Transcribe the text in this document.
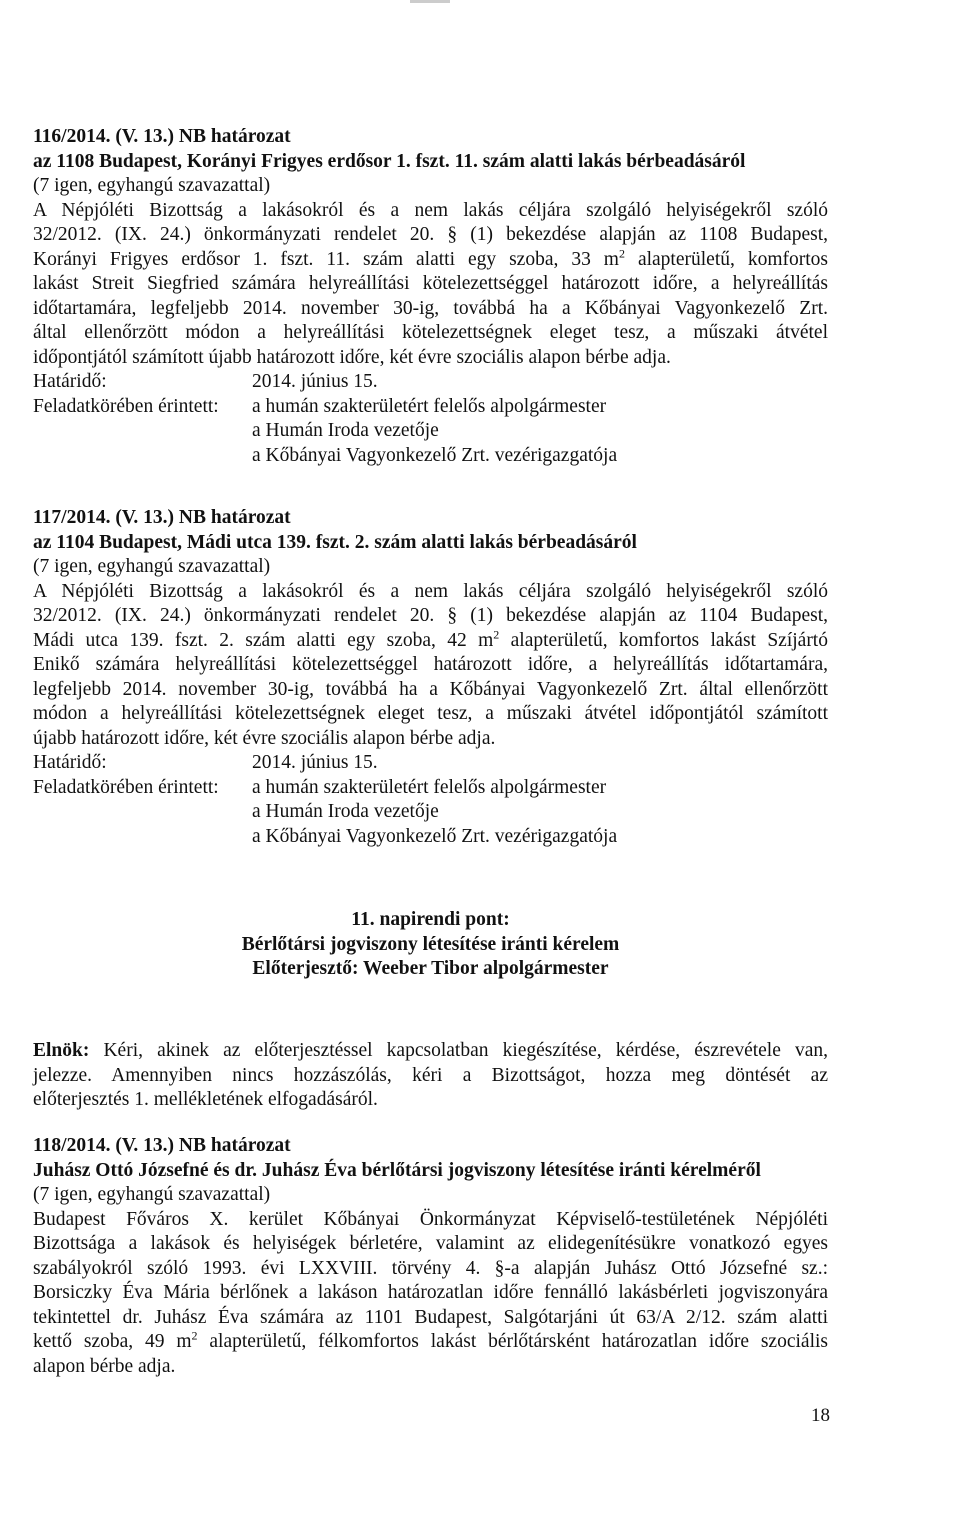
116/2014. (V. 13.) NB határozat
az 1108 Budapest, Korányi Frigyes erdősor 1. fszt. 11. szám alatti lakás bérbeadásáról
(7 igen, egyhangú szavazattal)
A Népjóléti Bizottság a lakásokról és a nem lakás céljára szolgáló helyiségekről szóló
32/2012. (IX. 24.) önkormányzati rendelet 20. § (1) bekezdése alapján az 1108 Budapest,
Korányi Frigyes erdősor 1. fszt. 11. szám alatti egy szoba, 33 $m^2$ alapterületű, komfortos
lakást Streit Siegfried számára helyreállítási kötelezettséggel határozott időre, a helyreállítás
időtartamára, legfeljebb 2014. november 30-ig, továbbá ha a Kőbányai Vagyonkezelő Zrt.
által ellenőrzött módon a helyreállítási kötelezettségnek eleget tesz, a műszaki átvétel
időpontjától számított újabb határozott időre, két évre szociális alapon bérbe adja.
Határidő:	2014. június 15.
Feladatkörében érintett:	a humán szakterületért felelős alpolgármester
a Humán Iroda vezetője
a Kőbányai Vagyonkezelő Zrt. vezérigazgatója
117/2014. (V. 13.) NB határozat
az 1104 Budapest, Mádi utca 139. fszt. 2. szám alatti lakás bérbeadásáról
(7 igen, egyhangú szavazattal)
A Népjóléti Bizottság a lakásokról és a nem lakás céljára szolgáló helyiségekről szóló
32/2012. (IX. 24.) önkormányzati rendelet 20. § (1) bekezdése alapján az 1104 Budapest,
Mádi utca 139. fszt. 2. szám alatti egy szoba, 42 $m^2$ alapterületű, komfortos lakást Szíjártó
Enikő számára helyreállítási kötelezettséggel határozott időre, a helyreállítás időtartamára,
legfeljebb 2014. november 30-ig, továbbá ha a Kőbányai Vagyonkezelő Zrt. által ellenőrzött
módon a helyreállítási kötelezettségnek eleget tesz, a műszaki átvétel időpontjától számított
újabb határozott időre, két évre szociális alapon bérbe adja.
Határidő:	2014. június 15.
Feladatkörében érintett:	a humán szakterületért felelős alpolgármester
a Humán Iroda vezetője
a Kőbányai Vagyonkezelő Zrt. vezérigazgatója
11. napirendi pont:
Bérlőtársi jogviszony létesítése iránti kérelem
Előterjesztő: Weeber Tibor alpolgármester
Elnök: Kéri, akinek az előterjesztéssel kapcsolatban kiegészítése, kérdése, észrevétele van,
jelezze. Amennyiben nincs hozzászólás, kéri a Bizottságot, hozza meg döntését az
előterjesztés 1. mellékletének elfogadásáról.
118/2014. (V. 13.) NB határozat
Juhász Ottó Józsefné és dr. Juhász Éva bérlőtársi jogviszony létesítése iránti kérelméről
(7 igen, egyhangú szavazattal)
Budapest Főváros X. kerület Kőbányai Önkormányzat Képviselő-testületének Népjóléti
Bizottsága a lakások és helyiségek bérletére, valamint az elidegenítésükre vonatkozó egyes
szabályokról szóló 1993. évi LXXVIII. törvény 4. §-a alapján Juhász Ottó Józsefné sz.:
Borsiczky Éva Mária bérlőnek a lakáson határozatlan időre fennálló lakásbérleti jogviszonyára
tekintettel dr. Juhász Éva számára az 1101 Budapest, Salgótarjáni út 63/A 2/12. szám alatti
kettő szoba, 49 $m^2$ alapterületű, félkomfortos lakást bérlőtársként határozatlan időre szociális
alapon bérbe adja.
18
